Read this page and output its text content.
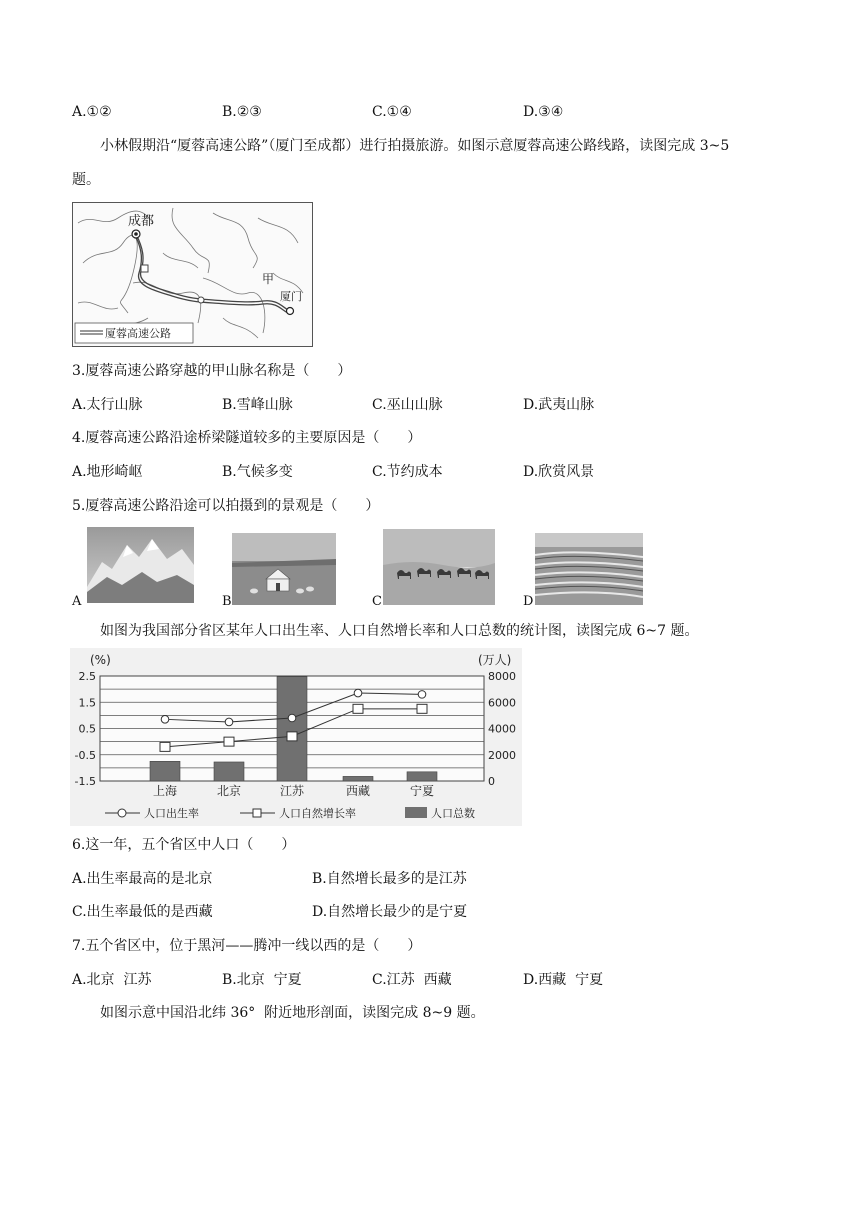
A.①②	B.②③	C.①④	D.③④
小林假期沿“厦蓉高速公路”（厦门至成都）进行拍摄旅游。如图示意厦蓉高速公路线路，读图完成 3~5
题。
成都
甲
厦门
厦蓉高速公路
3.厦蓉高速公路穿越的甲山脉名称是（　　）
A.太行山脉	B.雪峰山脉	C.巫山山脉	D.武夷山脉
4.厦蓉高速公路沿途桥梁隧道较多的主要原因是（　　）
A.地形崎岖	B.气候多变	C.节约成本	D.欣赏风景
5.厦蓉高速公路沿途可以拍摄到的景观是（　　）
A	B	C	D
如图为我国部分省区某年人口出生率、人口自然增长率和人口总数的统计图，读图完成 6~7 题。
2.5
1.5
0.5
-0.5
-1.5
8000
6000
4000
2000
0
上海	北京	江苏	西藏	宁夏
人口出生率	人口自然增长率	人口总数
(%)	(万人)
6.这一年，五个省区中人口（　　）
A.出生率最高的是北京	B.自然增长最多的是江苏
C.出生率最低的是西藏	D.自然增长最少的是宁夏
7.五个省区中，位于黑河——腾冲一线以西的是（　　）
A.北京  江苏	B.北京  宁夏	C.江苏  西藏	D.西藏  宁夏
如图示意中国沿北纬 36°  附近地形剖面，读图完成 8~9 题。
